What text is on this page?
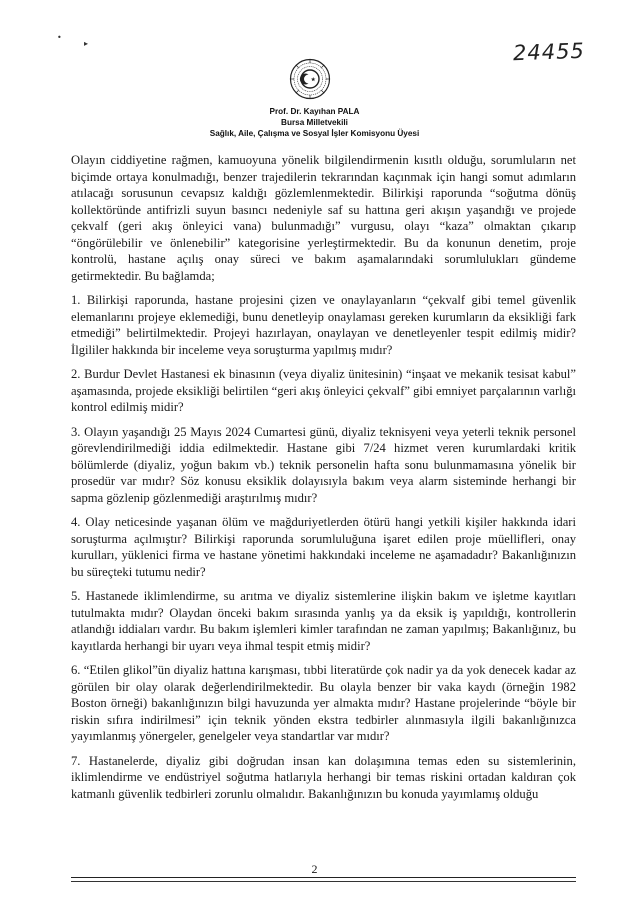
•
▸	24455
Prof. Dr. Kayıhan PALA
Bursa Milletvekili
Sağlık, Aile, Çalışma ve Sosyal İşler Komisyonu Üyesi

Olayın ciddiyetine rağmen, kamuoyuna yönelik bilgilendirmenin kısıtlı olduğu, sorumluların net biçimde ortaya konulmadığı, benzer trajedilerin tekrarından kaçınmak için hangi somut adımların atılacağı sorusunun cevapsız kaldığı gözlemlenmektedir. Bilirkişi raporunda “soğutma dönüş kollektöründe antifrizli suyun basıncı nedeniyle saf su hattına geri akışın yaşandığı ve projede çekvalf (geri akış önleyici vana) bulunmadığı” vurgusu, olayı “kaza” olmaktan çıkarıp “öngörülebilir ve önlenebilir” kategorisine yerleştirmektedir. Bu da konunun denetim, proje kontrolü, hastane açılış onay süreci ve bakım aşamalarındaki sorumlulukları gündeme getirmektedir. Bu bağlamda;

1. Bilirkişi raporunda, hastane projesini çizen ve onaylayanların “çekvalf gibi temel güvenlik elemanlarını projeye eklemediği, bunu denetleyip onaylaması gereken kurumların da eksikliği fark etmediği” belirtilmektedir. Projeyi hazırlayan, onaylayan ve denetleyenler tespit edilmiş midir? İlgililer hakkında bir inceleme veya soruşturma yapılmış mıdır?

2. Burdur Devlet Hastanesi ek binasının (veya diyaliz ünitesinin) “inşaat ve mekanik tesisat kabul” aşamasında, projede eksikliği belirtilen “geri akış önleyici çekvalf” gibi emniyet parçalarının varlığı kontrol edilmiş midir?

3. Olayın yaşandığı 25 Mayıs 2024 Cumartesi günü, diyaliz teknisyeni veya yeterli teknik personel görevlendirilmediği iddia edilmektedir. Hastane gibi 7/24 hizmet veren kurumlardaki kritik bölümlerde (diyaliz, yoğun bakım vb.) teknik personelin hafta sonu bulunmamasına yönelik bir prosedür var mıdır? Söz konusu eksiklik dolayısıyla bakım veya alarm sisteminde herhangi bir sapma gözlenip gözlenmediği araştırılmış mıdır?

4. Olay neticesinde yaşanan ölüm ve mağduriyetlerden ötürü hangi yetkili kişiler hakkında idari soruşturma açılmıştır? Bilirkişi raporunda sorumluluğuna işaret edilen proje müellifleri, onay kurulları, yüklenici firma ve hastane yönetimi hakkındaki inceleme ne aşamadadır? Bakanlığınızın bu süreçteki tutumu nedir?

5. Hastanede iklimlendirme, su arıtma ve diyaliz sistemlerine ilişkin bakım ve işletme kayıtları tutulmakta mıdır? Olaydan önceki bakım sırasında yanlış ya da eksik iş yapıldığı, kontrollerin atlandığı iddiaları vardır. Bu bakım işlemleri kimler tarafından ne zaman yapılmış; Bakanlığınız, bu kayıtlarda herhangi bir uyarı veya ihmal tespit etmiş midir?

6. “Etilen glikol”ün diyaliz hattına karışması, tıbbi literatürde çok nadir ya da yok denecek kadar az görülen bir olay olarak değerlendirilmektedir. Bu olayla benzer bir vaka kaydı (örneğin 1982 Boston örneği) bakanlığınızın bilgi havuzunda yer almakta mıdır? Hastane projelerinde “böyle bir riskin sıfıra indirilmesi” için teknik yönden ekstra tedbirler alınmasıyla ilgili bakanlığınızca yayımlanmış yönergeler, genelgeler veya standartlar var mıdır?

7. Hastanelerde, diyaliz gibi doğrudan insan kan dolaşımına temas eden su sistemlerinin, iklimlendirme ve endüstriyel soğutma hatlarıyla herhangi bir temas riskini ortadan kaldıran çok katmanlı güvenlik tedbirleri zorunlu olmalıdır. Bakanlığınızın bu konuda yayımlamış olduğu

2
